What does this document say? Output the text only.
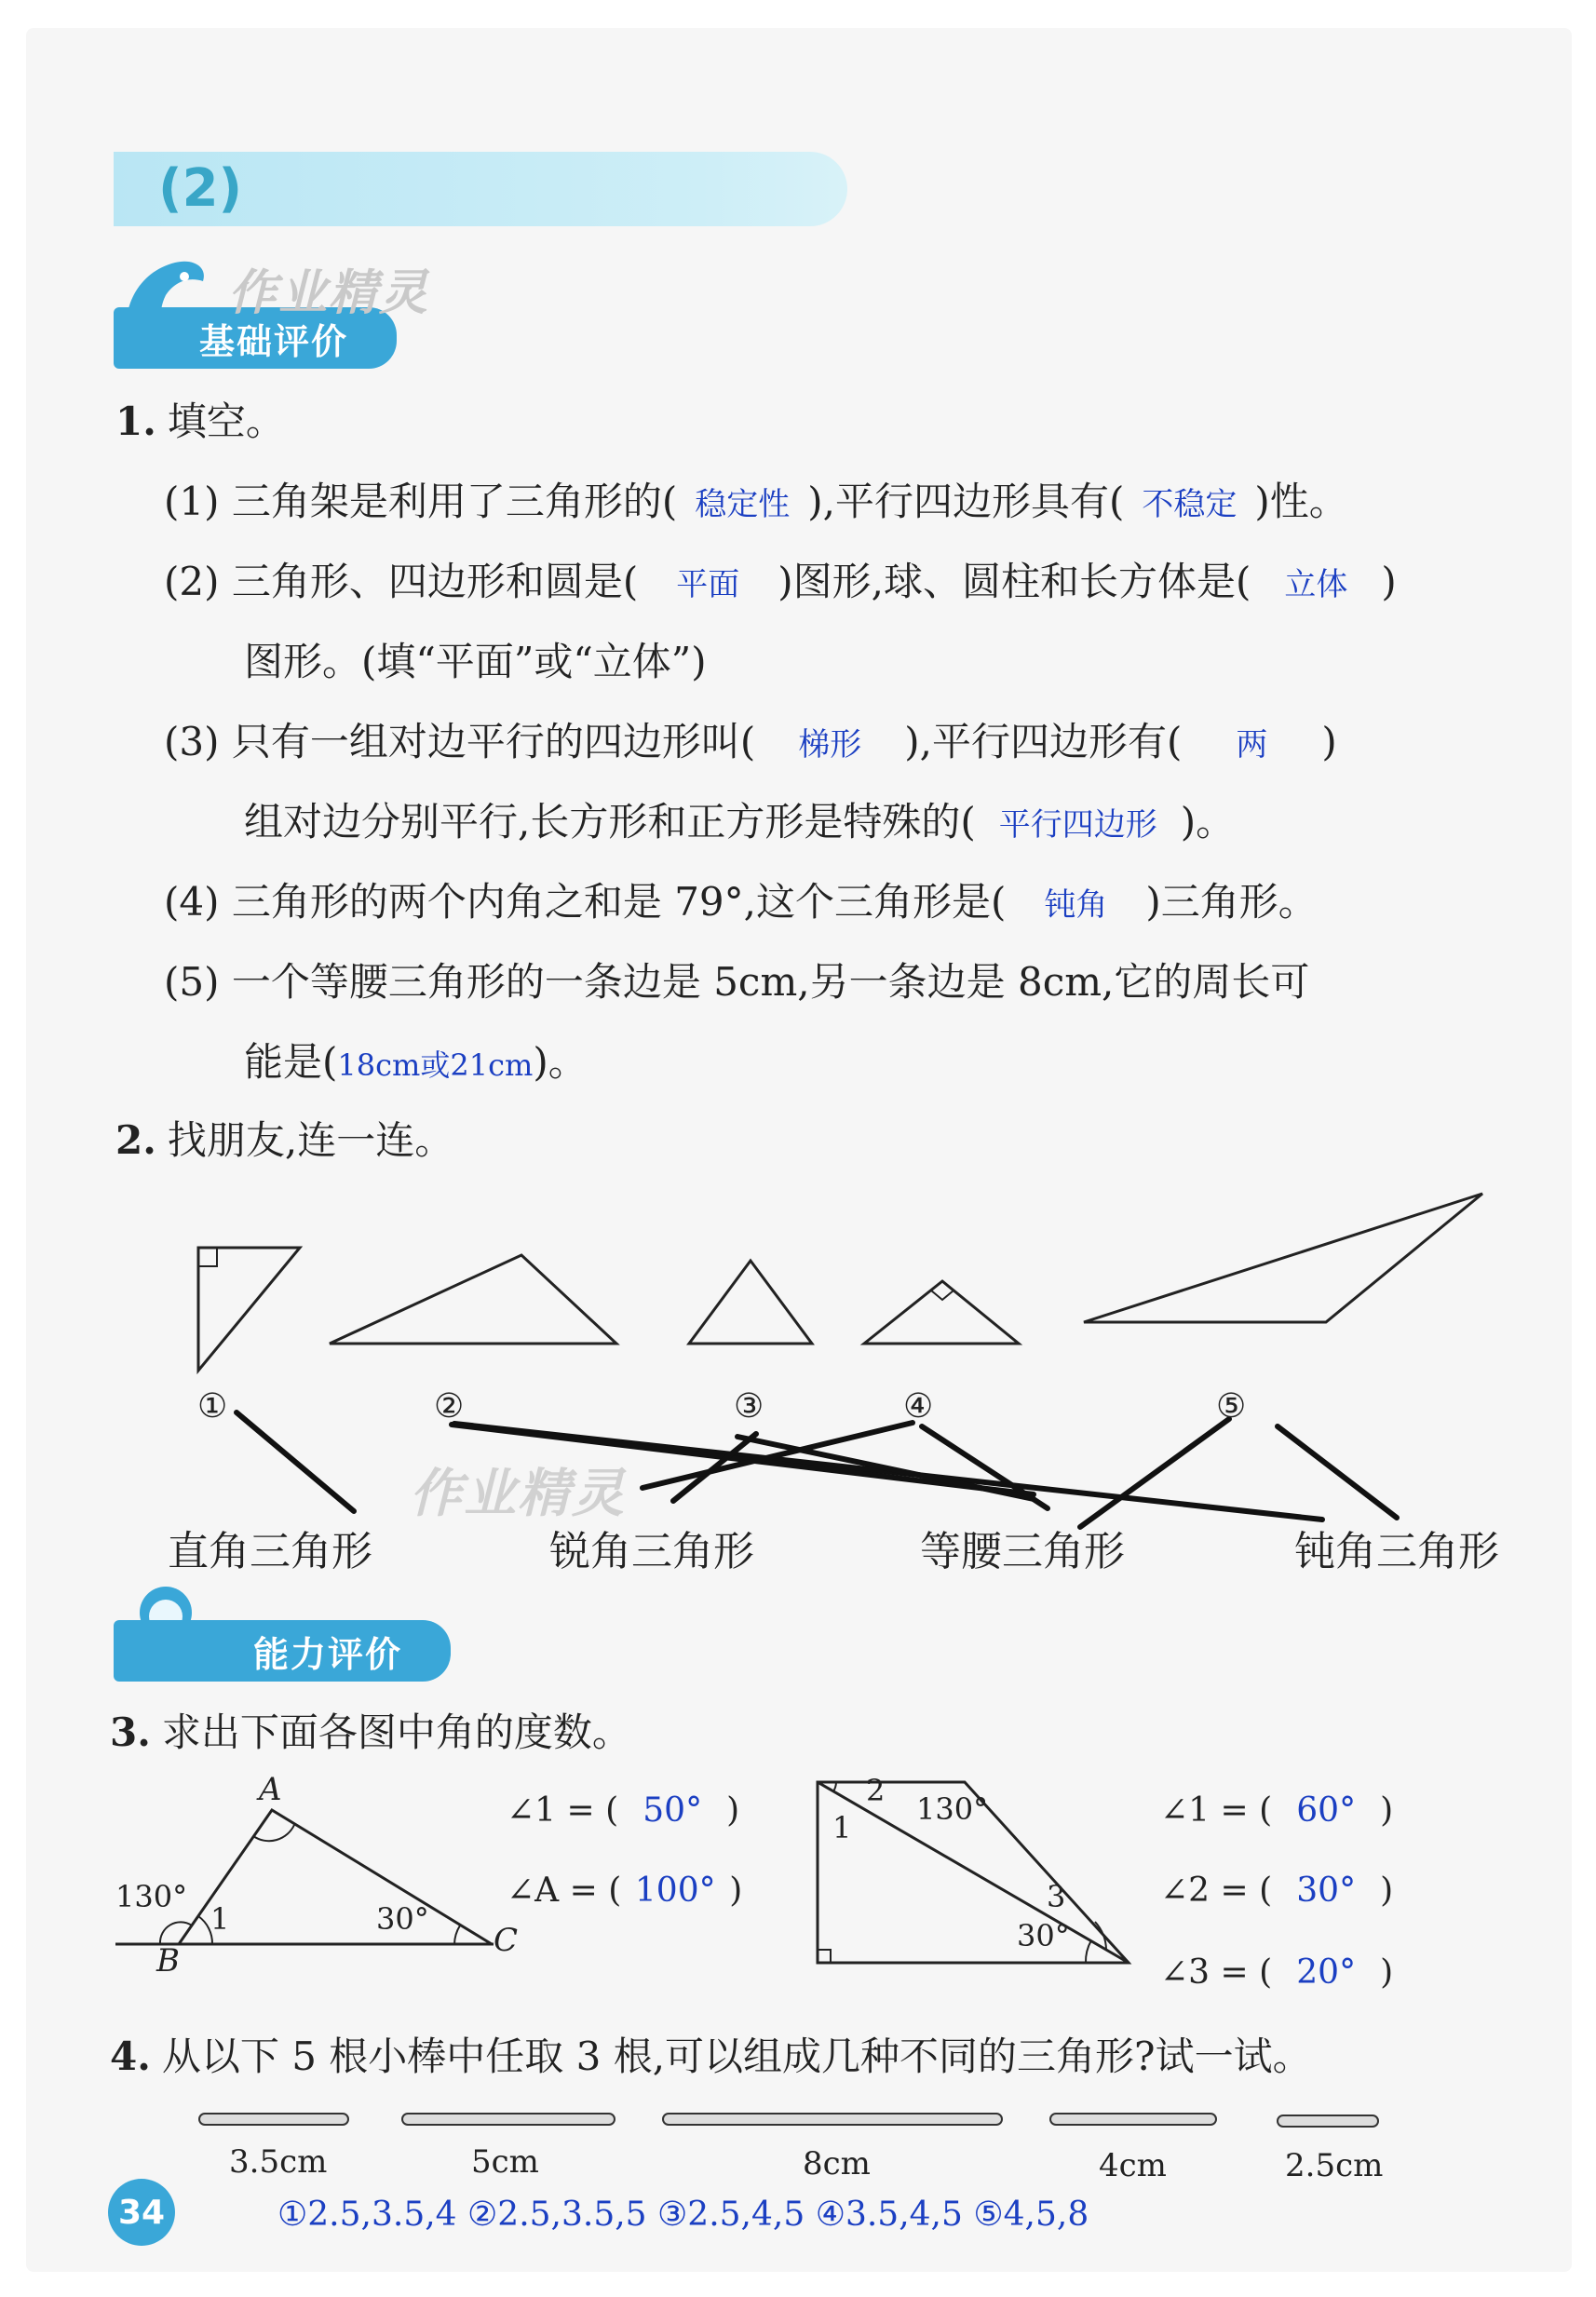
(2)
基础评价
作业精灵
1. 填空。
(1) 三角架是利用了三角形的( 稳定性 ),平行四边形具有( 不稳定 )性。
(2) 三角形、四边形和圆是( 平面 )图形,球、圆柱和长方体是( 立体 )
图形。(填“平面”或“立体”)
(3) 只有一组对边平行的四边形叫( 梯形 ),平行四边形有( 两 )
组对边分别平行,长方形和正方形是特殊的( 平行四边形 )。
(4) 三角形的两个内角之和是 79°,这个三角形是( 钝角 )三角形。
(5) 一个等腰三角形的一条边是 5cm,另一条边是 8cm,它的周长可
能是(18cm或21cm)。
2. 找朋友,连一连。
①	②	③	④	⑤
作业精灵
直角三角形	锐角三角形	等腰三角形	钝角三角形
能力评价
3. 求出下面各图中角的度数。
A
B
C
130°
1	30°
∠1 = ( 50° )
∠A = ( 100° )
2
1
130°
3
30°
∠1 = ( 60° )
∠2 = ( 30° )
∠3 = ( 20° )
4. 从以下 5 根小棒中任取 3 根,可以组成几种不同的三角形?试一试。
3.5cm	5cm	8cm	4cm	2.5cm
34	①2.5,3.5,4 ②2.5,3.5,5 ③2.5,4,5 ④3.5,4,5 ⑤4,5,8
